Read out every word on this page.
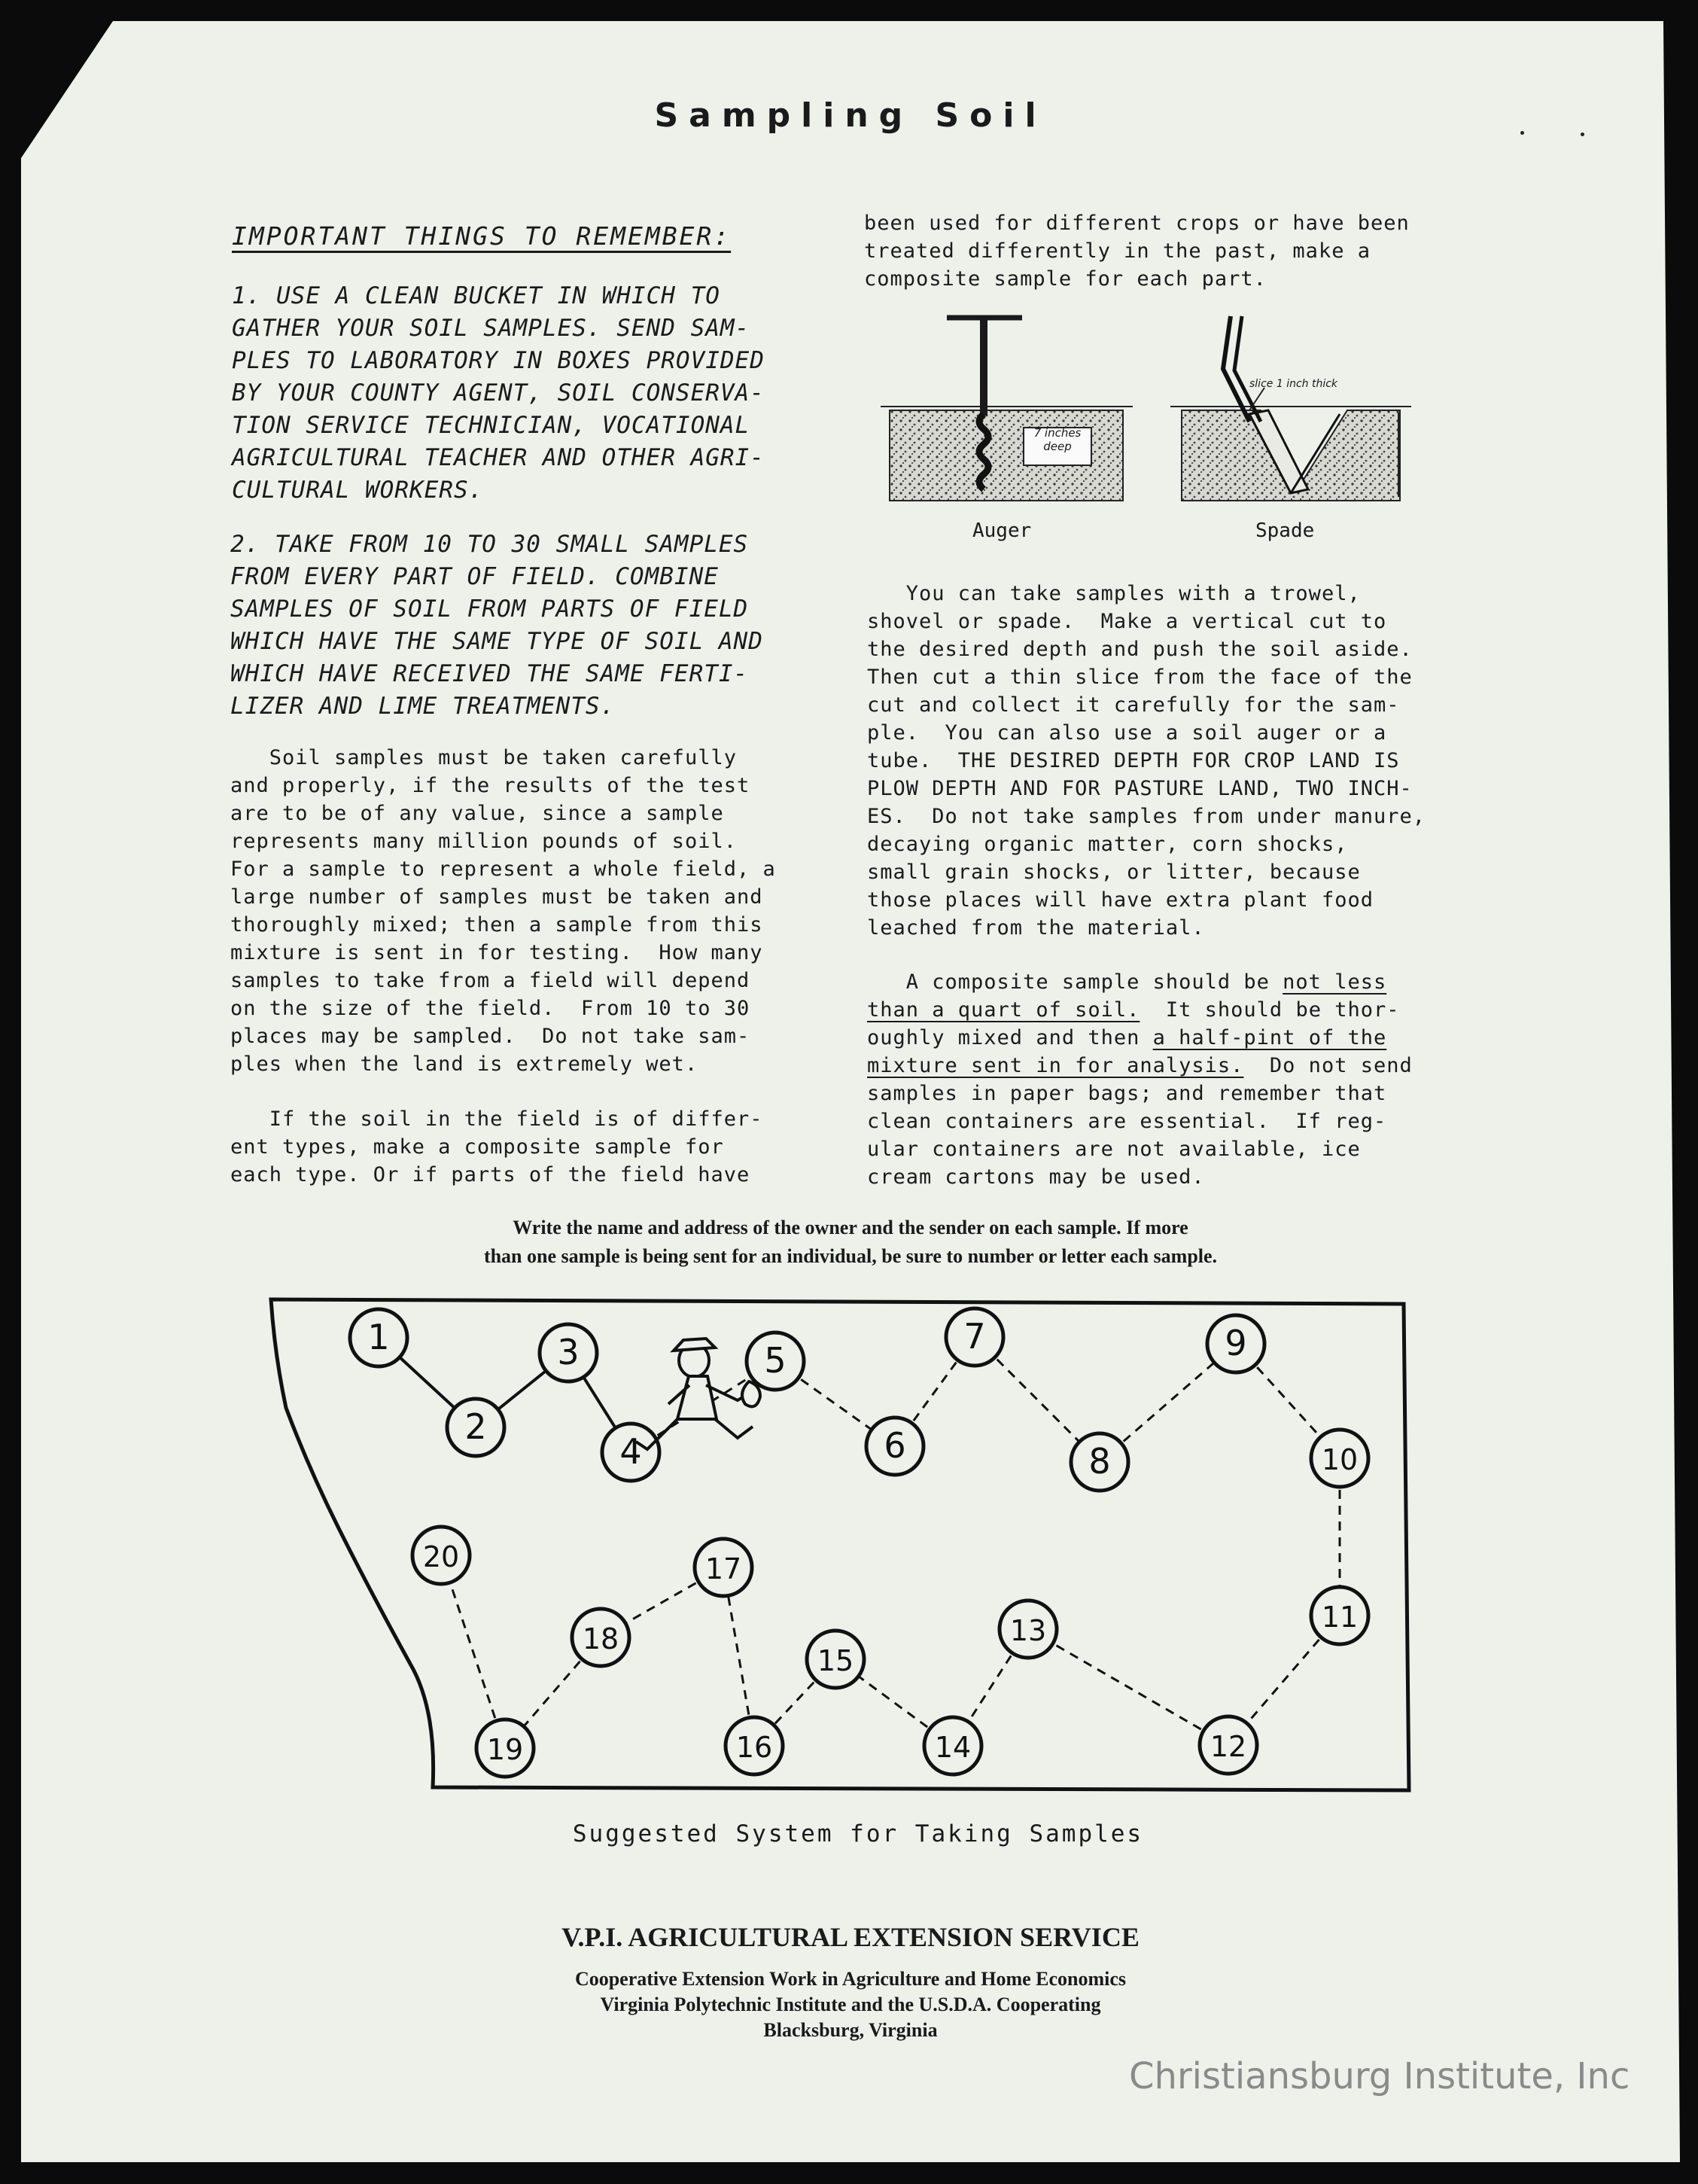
Sampling Soil
IMPORTANT THINGS TO REMEMBER:
1. USE A CLEAN BUCKET IN WHICH TO
GATHER YOUR SOIL SAMPLES. SEND SAM-
PLES TO LABORATORY IN BOXES PROVIDED
BY YOUR COUNTY AGENT, SOIL CONSERVA-
TION SERVICE TECHNICIAN, VOCATIONAL
AGRICULTURAL TEACHER AND OTHER AGRI-
CULTURAL WORKERS.
2. TAKE FROM 10 TO 30 SMALL SAMPLES
FROM EVERY PART OF FIELD. COMBINE
SAMPLES OF SOIL FROM PARTS OF FIELD
WHICH HAVE THE SAME TYPE OF SOIL AND
WHICH HAVE RECEIVED THE SAME FERTI-
LIZER AND LIME TREATMENTS.
Soil samples must be taken carefully
and properly, if the results of the test
are to be of any value, since a sample
represents many million pounds of soil.
For a sample to represent a whole field, a
large number of samples must be taken and
thoroughly mixed; then a sample from this
mixture is sent in for testing.  How many
samples to take from a field will depend
on the size of the field.  From 10 to 30
places may be sampled.  Do not take sam-
ples when the land is extremely wet.
If the soil in the field is of differ-
ent types, make a composite sample for
each type. Or if parts of the field have
been used for different crops or have been
treated differently in the past, make a
composite sample for each part.
7 inches deep
slice 1 inch thick
Auger	Spade
You can take samples with a trowel,
shovel or spade.  Make a vertical cut to
the desired depth and push the soil aside.
Then cut a thin slice from the face of the
cut and collect it carefully for the sam-
ple.  You can also use a soil auger or a
tube.  THE DESIRED DEPTH FOR CROP LAND IS
PLOW DEPTH AND FOR PASTURE LAND, TWO INCH-
ES.  Do not take samples from under manure,
decaying organic matter, corn shocks,
small grain shocks, or litter, because
those places will have extra plant food
leached from the material.
A composite sample should be not less
than a quart of soil.  It should be thor-
oughly mixed and then a half-pint of the
mixture sent in for analysis.  Do not send
samples in paper bags; and remember that
clean containers are essential.  If reg-
ular containers are not available, ice
cream cartons may be used.
Write the name and address of the owner and the sender on each sample. If more
than one sample is being sent for an individual, be sure to number or letter each sample.
1
2
3
4
5
6
7
8
9
10
11
12
13
14
15
16
17
18
19
20
Suggested System for Taking Samples
V.P.I. AGRICULTURAL EXTENSION SERVICE
Cooperative Extension Work in Agriculture and Home Economics
Virginia Polytechnic Institute and the U.S.D.A. Cooperating
Blacksburg, Virginia
Christiansburg Institute, Inc
